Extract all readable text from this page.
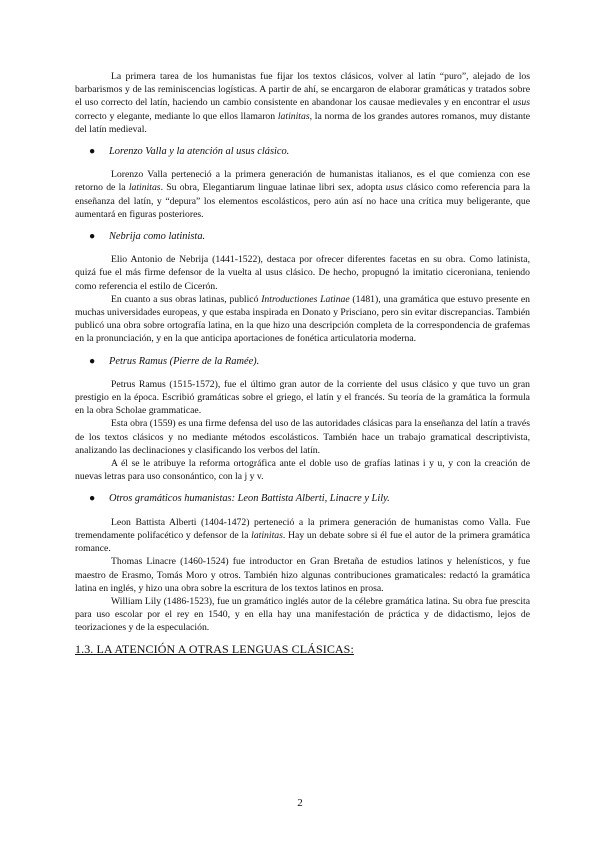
La primera tarea de los humanistas fue fijar los textos clásicos, volver al latín “puro”, alejado de los barbarismos y de las reminiscencias logísticas. A partir de ahí, se encargaron de elaborar gramáticas y tratados sobre el uso correcto del latín, haciendo un cambio consistente en abandonar los causae medievales y en encontrar el usus correcto y elegante, mediante lo que ellos llamaron latinitas, la norma de los grandes autores romanos, muy distante del latín medieval.

●	Lorenzo Valla y la atención al usus clásico.

Lorenzo Valla perteneció a la primera generación de humanistas italianos, es el que comienza con ese retorno de la latinitas. Su obra, Elegantiarum linguae latinae libri sex, adopta usus clásico como referencia para la enseñanza del latín, y “depura” los elementos escolásticos, pero aún así no hace una crítica muy beligerante, que aumentará en figuras posteriores.

●	Nebrija como latinista.

Elio Antonio de Nebrija (1441-1522), destaca por ofrecer diferentes facetas en su obra. Como latinista, quizá fue el más firme defensor de la vuelta al usus clásico. De hecho, propugnó la imitatio ciceroniana, teniendo como referencia el estilo de Cicerón.

En cuanto a sus obras latinas, publicó Introductiones Latinae (1481), una gramática que estuvo presente en muchas universidades europeas, y que estaba inspirada en Donato y Prisciano, pero sin evitar discrepancias. También publicó una obra sobre ortografía latina, en la que hizo una descripción completa de la correspondencia de grafemas en la pronunciación, y en la que anticipa aportaciones de fonética articulatoria moderna.

●	Petrus Ramus (Pierre de la Ramée).

Petrus Ramus (1515-1572), fue el último gran autor de la corriente del usus clásico y que tuvo un gran prestigio en la época. Escribió gramáticas sobre el griego, el latín y el francés. Su teoría de la gramática la formula en la obra Scholae grammaticae.

Esta obra (1559) es una firme defensa del uso de las autoridades clásicas para la enseñanza del latín a través de los textos clásicos y no mediante métodos escolásticos. También hace un trabajo gramatical descriptivista, analizando las declinaciones y clasificando los verbos del latín.

A él se le atribuye la reforma ortográfica ante el doble uso de grafías latinas i y u, y con la creación de nuevas letras para uso consonántico, con la j y v.

●	Otros gramáticos humanistas: Leon Battista Alberti, Linacre y Lily.

Leon Battista Alberti (1404-1472) perteneció a la primera generación de humanistas como Valla. Fue tremendamente polifacético y defensor de la latinitas. Hay un debate sobre si él fue el autor de la primera gramática romance.

Thomas Linacre (1460-1524) fue introductor en Gran Bretaña de estudios latinos y helenísticos, y fue maestro de Erasmo, Tomás Moro y otros. También hizo algunas contribuciones gramaticales: redactó la gramática latina en inglés, y hizo una obra sobre la escritura de los textos latinos en prosa.

William Lily (1486-1523), fue un gramático inglés autor de la célebre gramática latina. Su obra fue prescita para uso escolar por el rey en 1540, y en ella hay una manifestación de práctica y de didactismo, lejos de teorizaciones y de la especulación.

1.3. LA ATENCIÓN A OTRAS LENGUAS CLÁSICAS:
2
